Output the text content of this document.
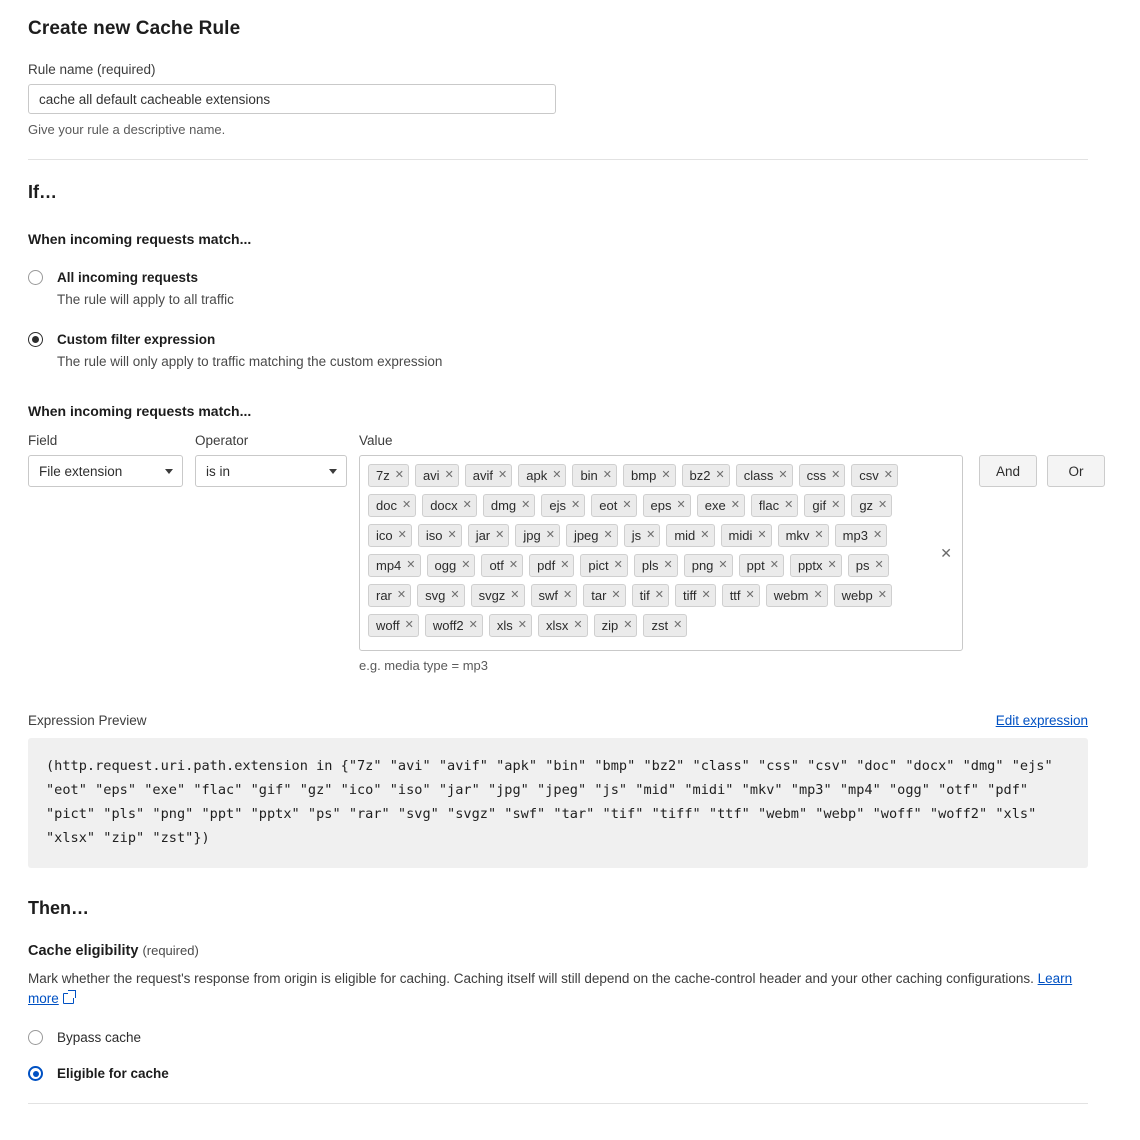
Create new Cache Rule
Rule name (required)
cache all default cacheable extensions
Give your rule a descriptive name.
If…
When incoming requests match...
All incoming requests
The rule will apply to all traffic
Custom filter expression
The rule will only apply to traffic matching the custom expression
When incoming requests match...
Field
File extension
Operator
is in
Value
7z ✕ avi ✕ avif ✕ apk ✕ bin ✕ bmp ✕ bz2 ✕ class ✕ css ✕ csv ✕
doc ✕ docx ✕ dmg ✕ ejs ✕ eot ✕ eps ✕ exe ✕ flac ✕ gif ✕ gz ✕
ico ✕ iso ✕ jar ✕ jpg ✕ jpeg ✕ js ✕ mid ✕ midi ✕ mkv ✕ mp3 ✕
mp4 ✕ ogg ✕ otf ✕ pdf ✕ pict ✕ pls ✕ png ✕ ppt ✕ pptx ✕ ps ✕
rar ✕ svg ✕ svgz ✕ swf ✕ tar ✕ tif ✕ tiff ✕ ttf ✕ webm ✕ webp ✕
woff ✕ woff2 ✕ xls ✕ xlsx ✕ zip ✕ zst ✕
✕
e.g. media type = mp3
And	Or
Expression Preview	Edit expression
(http.request.uri.path.extension in {"7z" "avi" "avif" "apk" "bin" "bmp" "bz2" "class" "css" "csv" "doc" "docx" "dmg" "ejs" "eot" "eps" "exe" "flac" "gif" "gz" "ico" "iso" "jar" "jpg" "jpeg" "js" "mid" "midi" "mkv" "mp3" "mp4" "ogg" "otf" "pdf" "pict" "pls" "png" "ppt" "pptx" "ps" "rar" "svg" "svgz" "swf" "tar" "tif" "tiff" "ttf" "webm" "webp" "woff" "woff2" "xls" "xlsx" "zip" "zst"})
Then…
Cache eligibility (required)
Mark whether the request's response from origin is eligible for caching. Caching itself will still depend on the cache-control header and your other caching configurations. Learn more
Bypass cache
Eligible for cache
